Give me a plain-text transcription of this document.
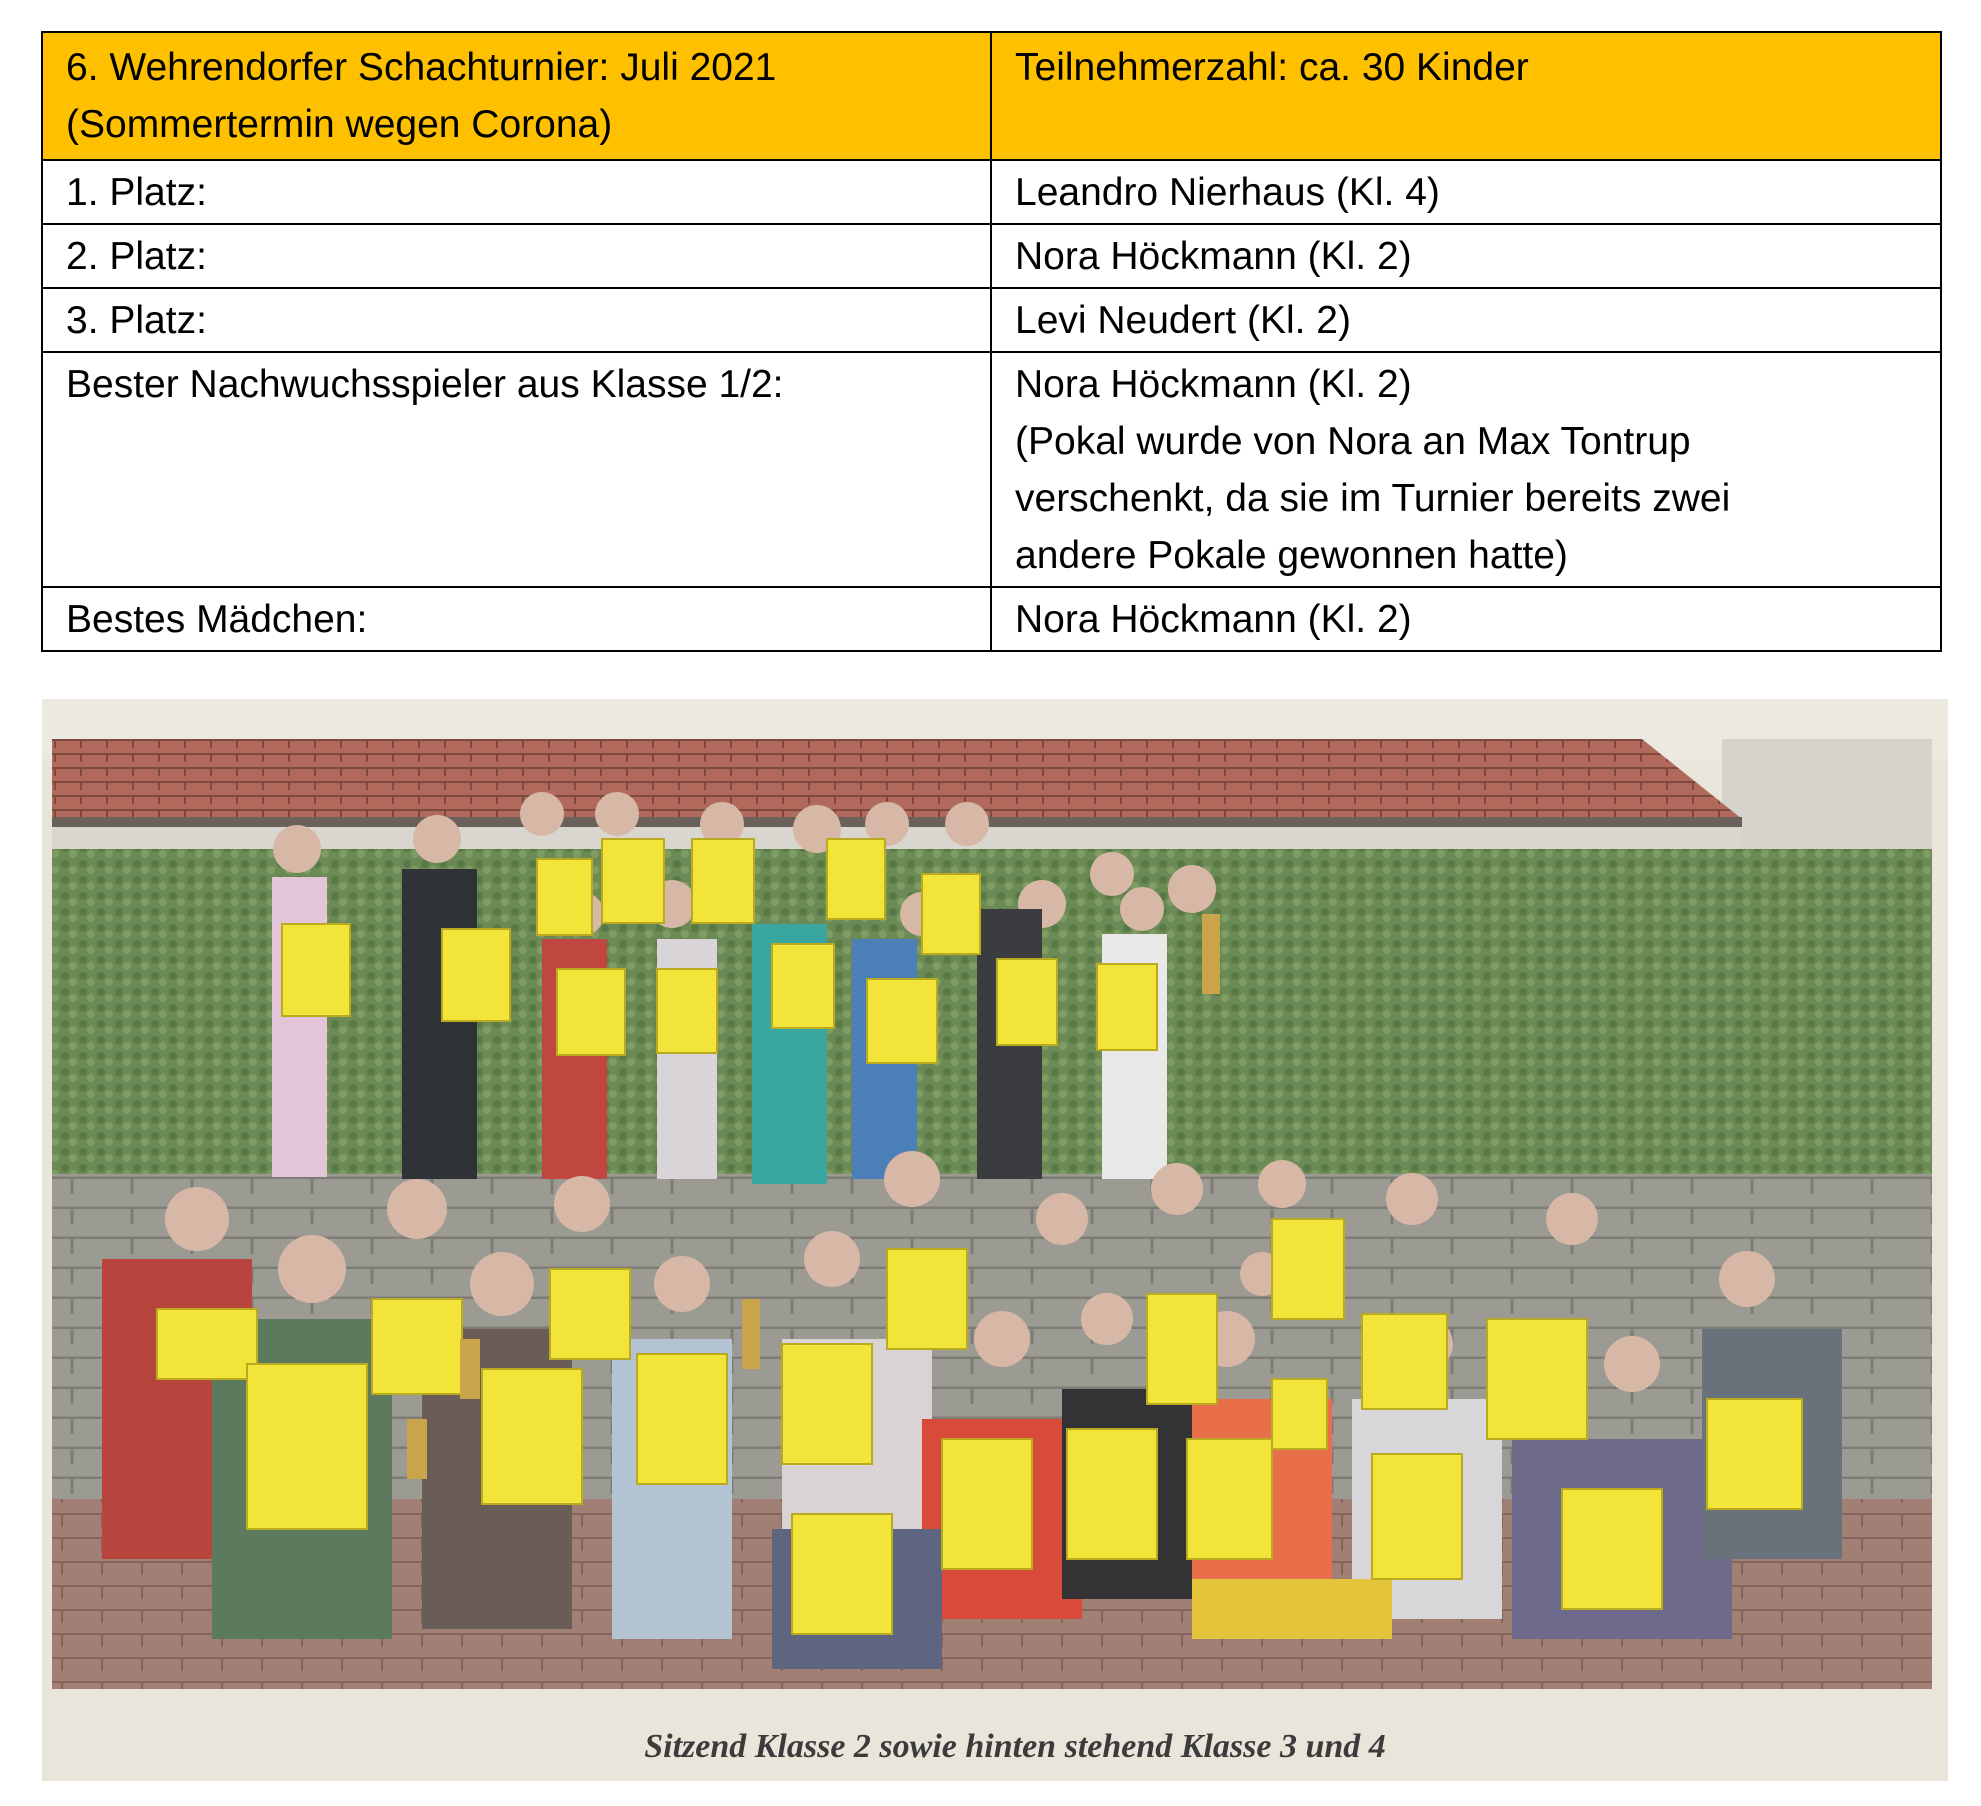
6. Wehrendorfer Schachturnier: Juli 2021
(Sommertermin wegen Corona)	Teilnehmerzahl: ca. 30 Kinder

1. Platz:	Leandro Nierhaus (Kl. 4)

2. Platz:	Nora Höckmann (Kl. 2)

3. Platz:	Levi Neudert (Kl. 2)

Bester Nachwuchsspieler aus Klasse 1/2:	Nora Höckmann (Kl. 2)
(Pokal wurde von Nora an Max Tontrup
verschenkt, da sie im Turnier bereits zwei
andere Pokale gewonnen hatte)

Bestes Mädchen:	Nora Höckmann (Kl. 2)
Sitzend Klasse 2 sowie hinten stehend Klasse 3 und 4
